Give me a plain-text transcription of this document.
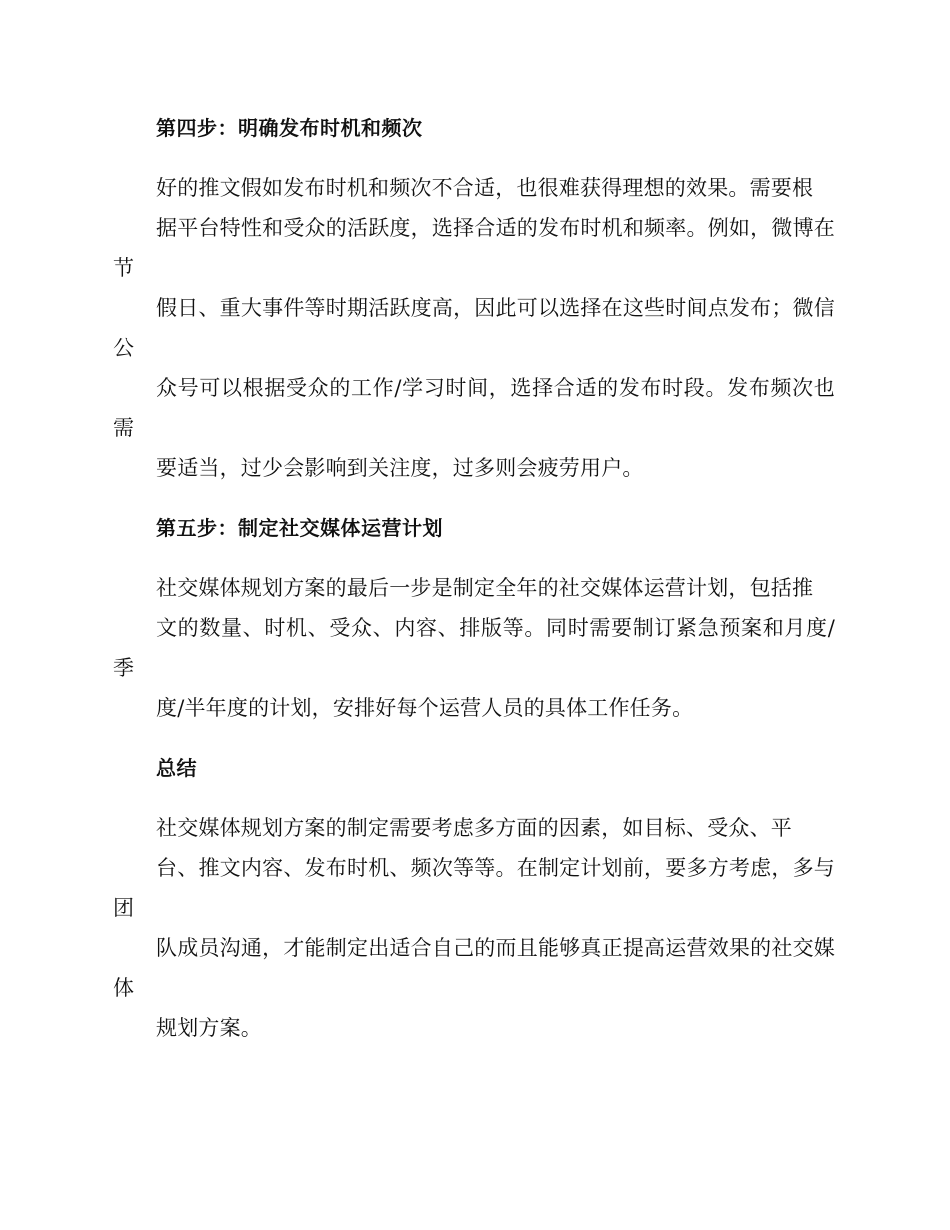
第四步：明确发布时机和频次

好的推文假如发布时机和频次不合适，也很难获得理想的效果。需要根
据平台特性和受众的活跃度，选择合适的发布时机和频率。例如，微博在节
假日、重大事件等时期活跃度高，因此可以选择在这些时间点发布；微信公
众号可以根据受众的工作/学习时间，选择合适的发布时段。发布频次也需
要适当，过少会影响到关注度，过多则会疲劳用户。

第五步：制定社交媒体运营计划

社交媒体规划方案的最后一步是制定全年的社交媒体运营计划，包括推
文的数量、时机、受众、内容、排版等。同时需要制订紧急预案和月度/季
度/半年度的计划，安排好每个运营人员的具体工作任务。

总结

社交媒体规划方案的制定需要考虑多方面的因素，如目标、受众、平
台、推文内容、发布时机、频次等等。在制定计划前，要多方考虑，多与团
队成员沟通，才能制定出适合自己的而且能够真正提高运营效果的社交媒体
规划方案。
